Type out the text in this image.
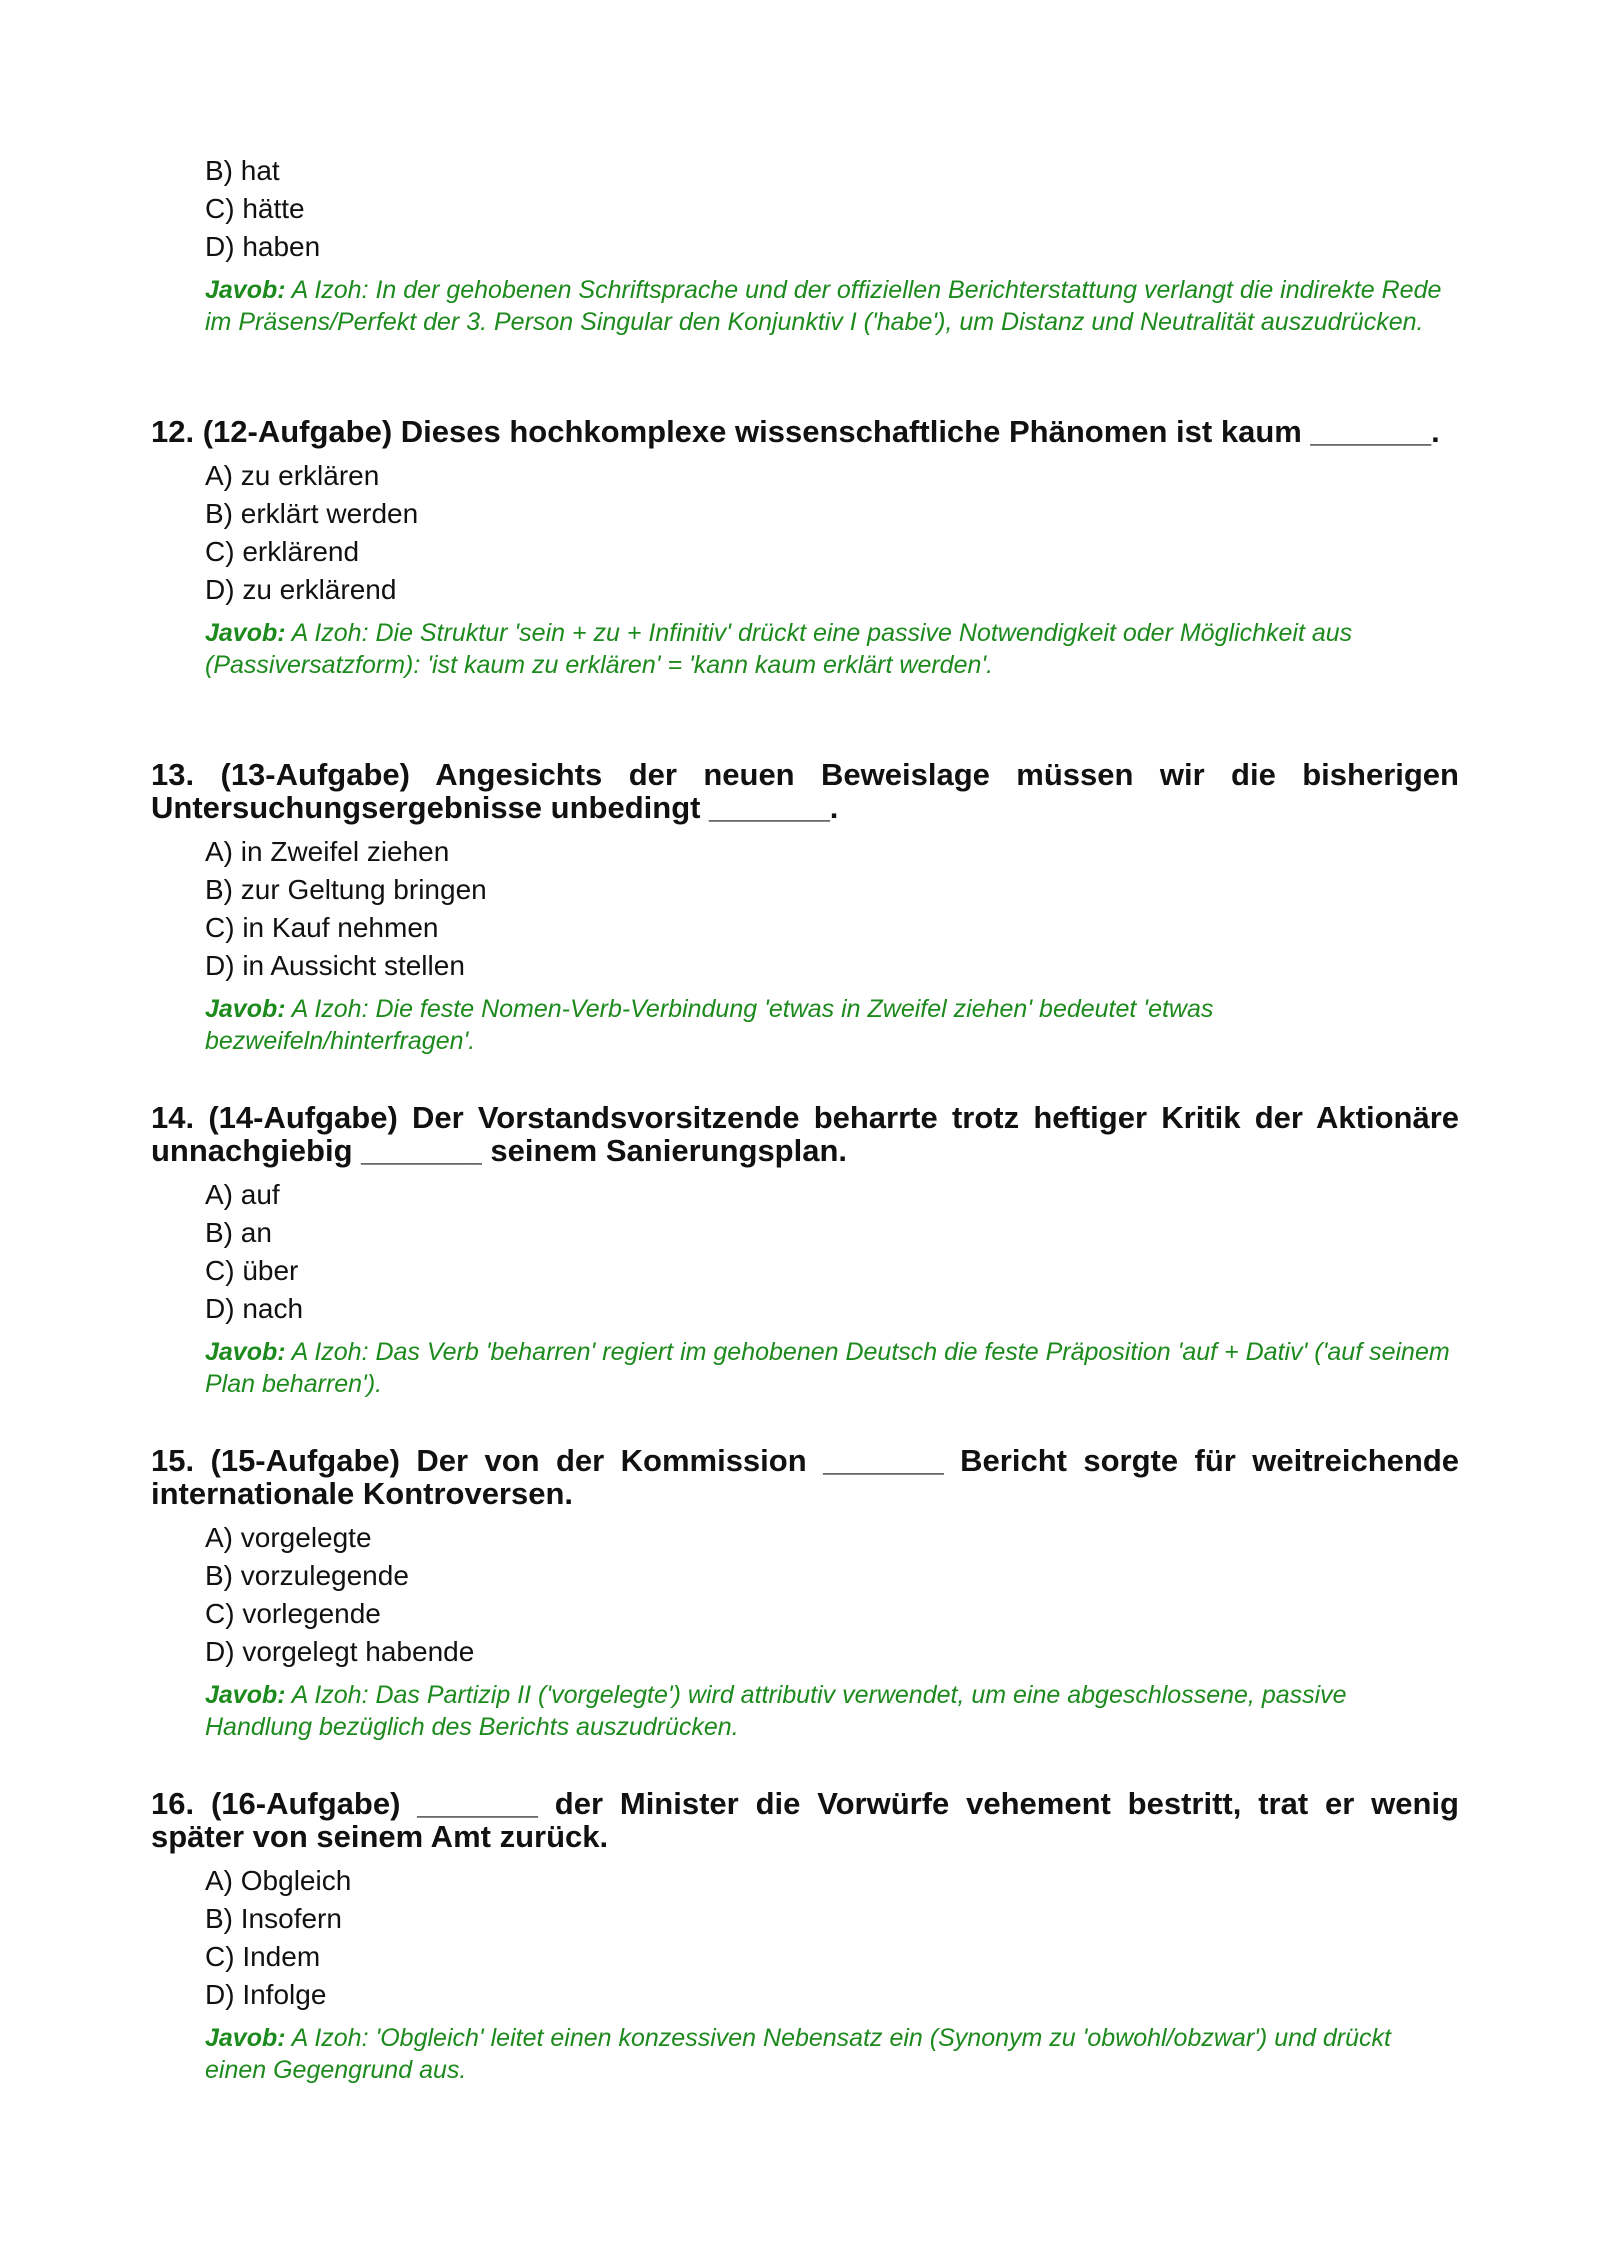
B) hat
C) hätte
D) haben
Javob: A Izoh: In der gehobenen Schriftsprache und der offiziellen Berichterstattung verlangt die indirekte Rede im Präsens/Perfekt der 3. Person Singular den Konjunktiv I ('habe'), um Distanz und Neutralität auszudrücken.
12. (12-Aufgabe) Dieses hochkomplexe wissenschaftliche Phänomen ist kaum _______.
A) zu erklären
B) erklärt werden
C) erklärend
D) zu erklärend
Javob: A Izoh: Die Struktur 'sein + zu + Infinitiv' drückt eine passive Notwendigkeit oder Möglichkeit aus (Passiversatzform): 'ist kaum zu erklären' = 'kann kaum erklärt werden'.
13. (13-Aufgabe) Angesichts der neuen Beweislage müssen wir die bisherigen Untersuchungsergebnisse unbedingt _______.
A) in Zweifel ziehen
B) zur Geltung bringen
C) in Kauf nehmen
D) in Aussicht stellen
Javob: A Izoh: Die feste Nomen-Verb-Verbindung 'etwas in Zweifel ziehen' bedeutet 'etwas bezweifeln/hinterfragen'.
14. (14-Aufgabe) Der Vorstandsvorsitzende beharrte trotz heftiger Kritik der Aktionäre unnachgiebig _______ seinem Sanierungsplan.
A) auf
B) an
C) über
D) nach
Javob: A Izoh: Das Verb 'beharren' regiert im gehobenen Deutsch die feste Präposition 'auf + Dativ' ('auf seinem Plan beharren').
15. (15-Aufgabe) Der von der Kommission _______ Bericht sorgte für weitreichende internationale Kontroversen.
A) vorgelegte
B) vorzulegende
C) vorlegende
D) vorgelegt habende
Javob: A Izoh: Das Partizip II ('vorgelegte') wird attributiv verwendet, um eine abgeschlossene, passive Handlung bezüglich des Berichts auszudrücken.
16. (16-Aufgabe) _______ der Minister die Vorwürfe vehement bestritt, trat er wenig später von seinem Amt zurück.
A) Obgleich
B) Insofern
C) Indem
D) Infolge
Javob: A Izoh: 'Obgleich' leitet einen konzessiven Nebensatz ein (Synonym zu 'obwohl/obzwar') und drückt einen Gegengrund aus.
